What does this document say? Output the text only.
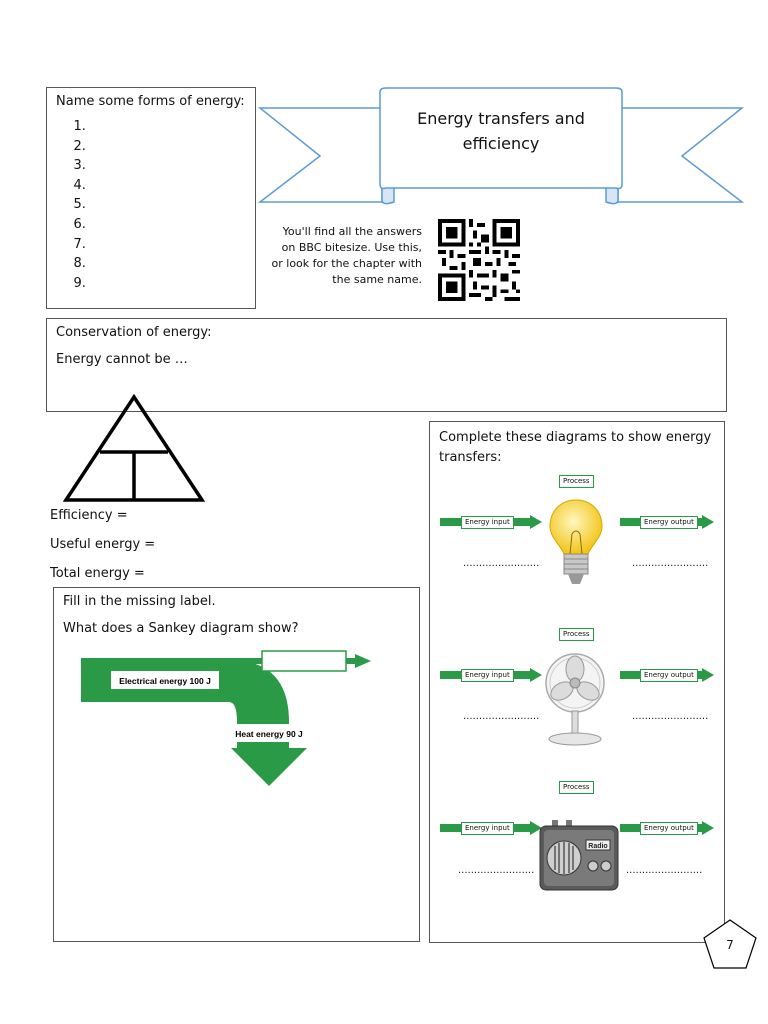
Name some forms of energy:
1.
2.
3.
4.
5.
6.
7.
8.
9.
Energy transfers and
efficiency
You'll find all the answers
on BBC bitesize. Use this,
or look for the chapter with
the same name.
Conservation of energy:
Energy cannot be …
Efficiency =
Useful energy =
Total energy =
Fill in the missing label.
What does a Sankey diagram show?
Electrical energy 100 J
Heat energy 90 J
Complete these diagrams to show energy transfers:
Process
Energy input	Energy output
........................	........................
Process
Energy input	Energy output
........................	........................
Process
Energy input	Energy output
........................	........................
Radio
7
